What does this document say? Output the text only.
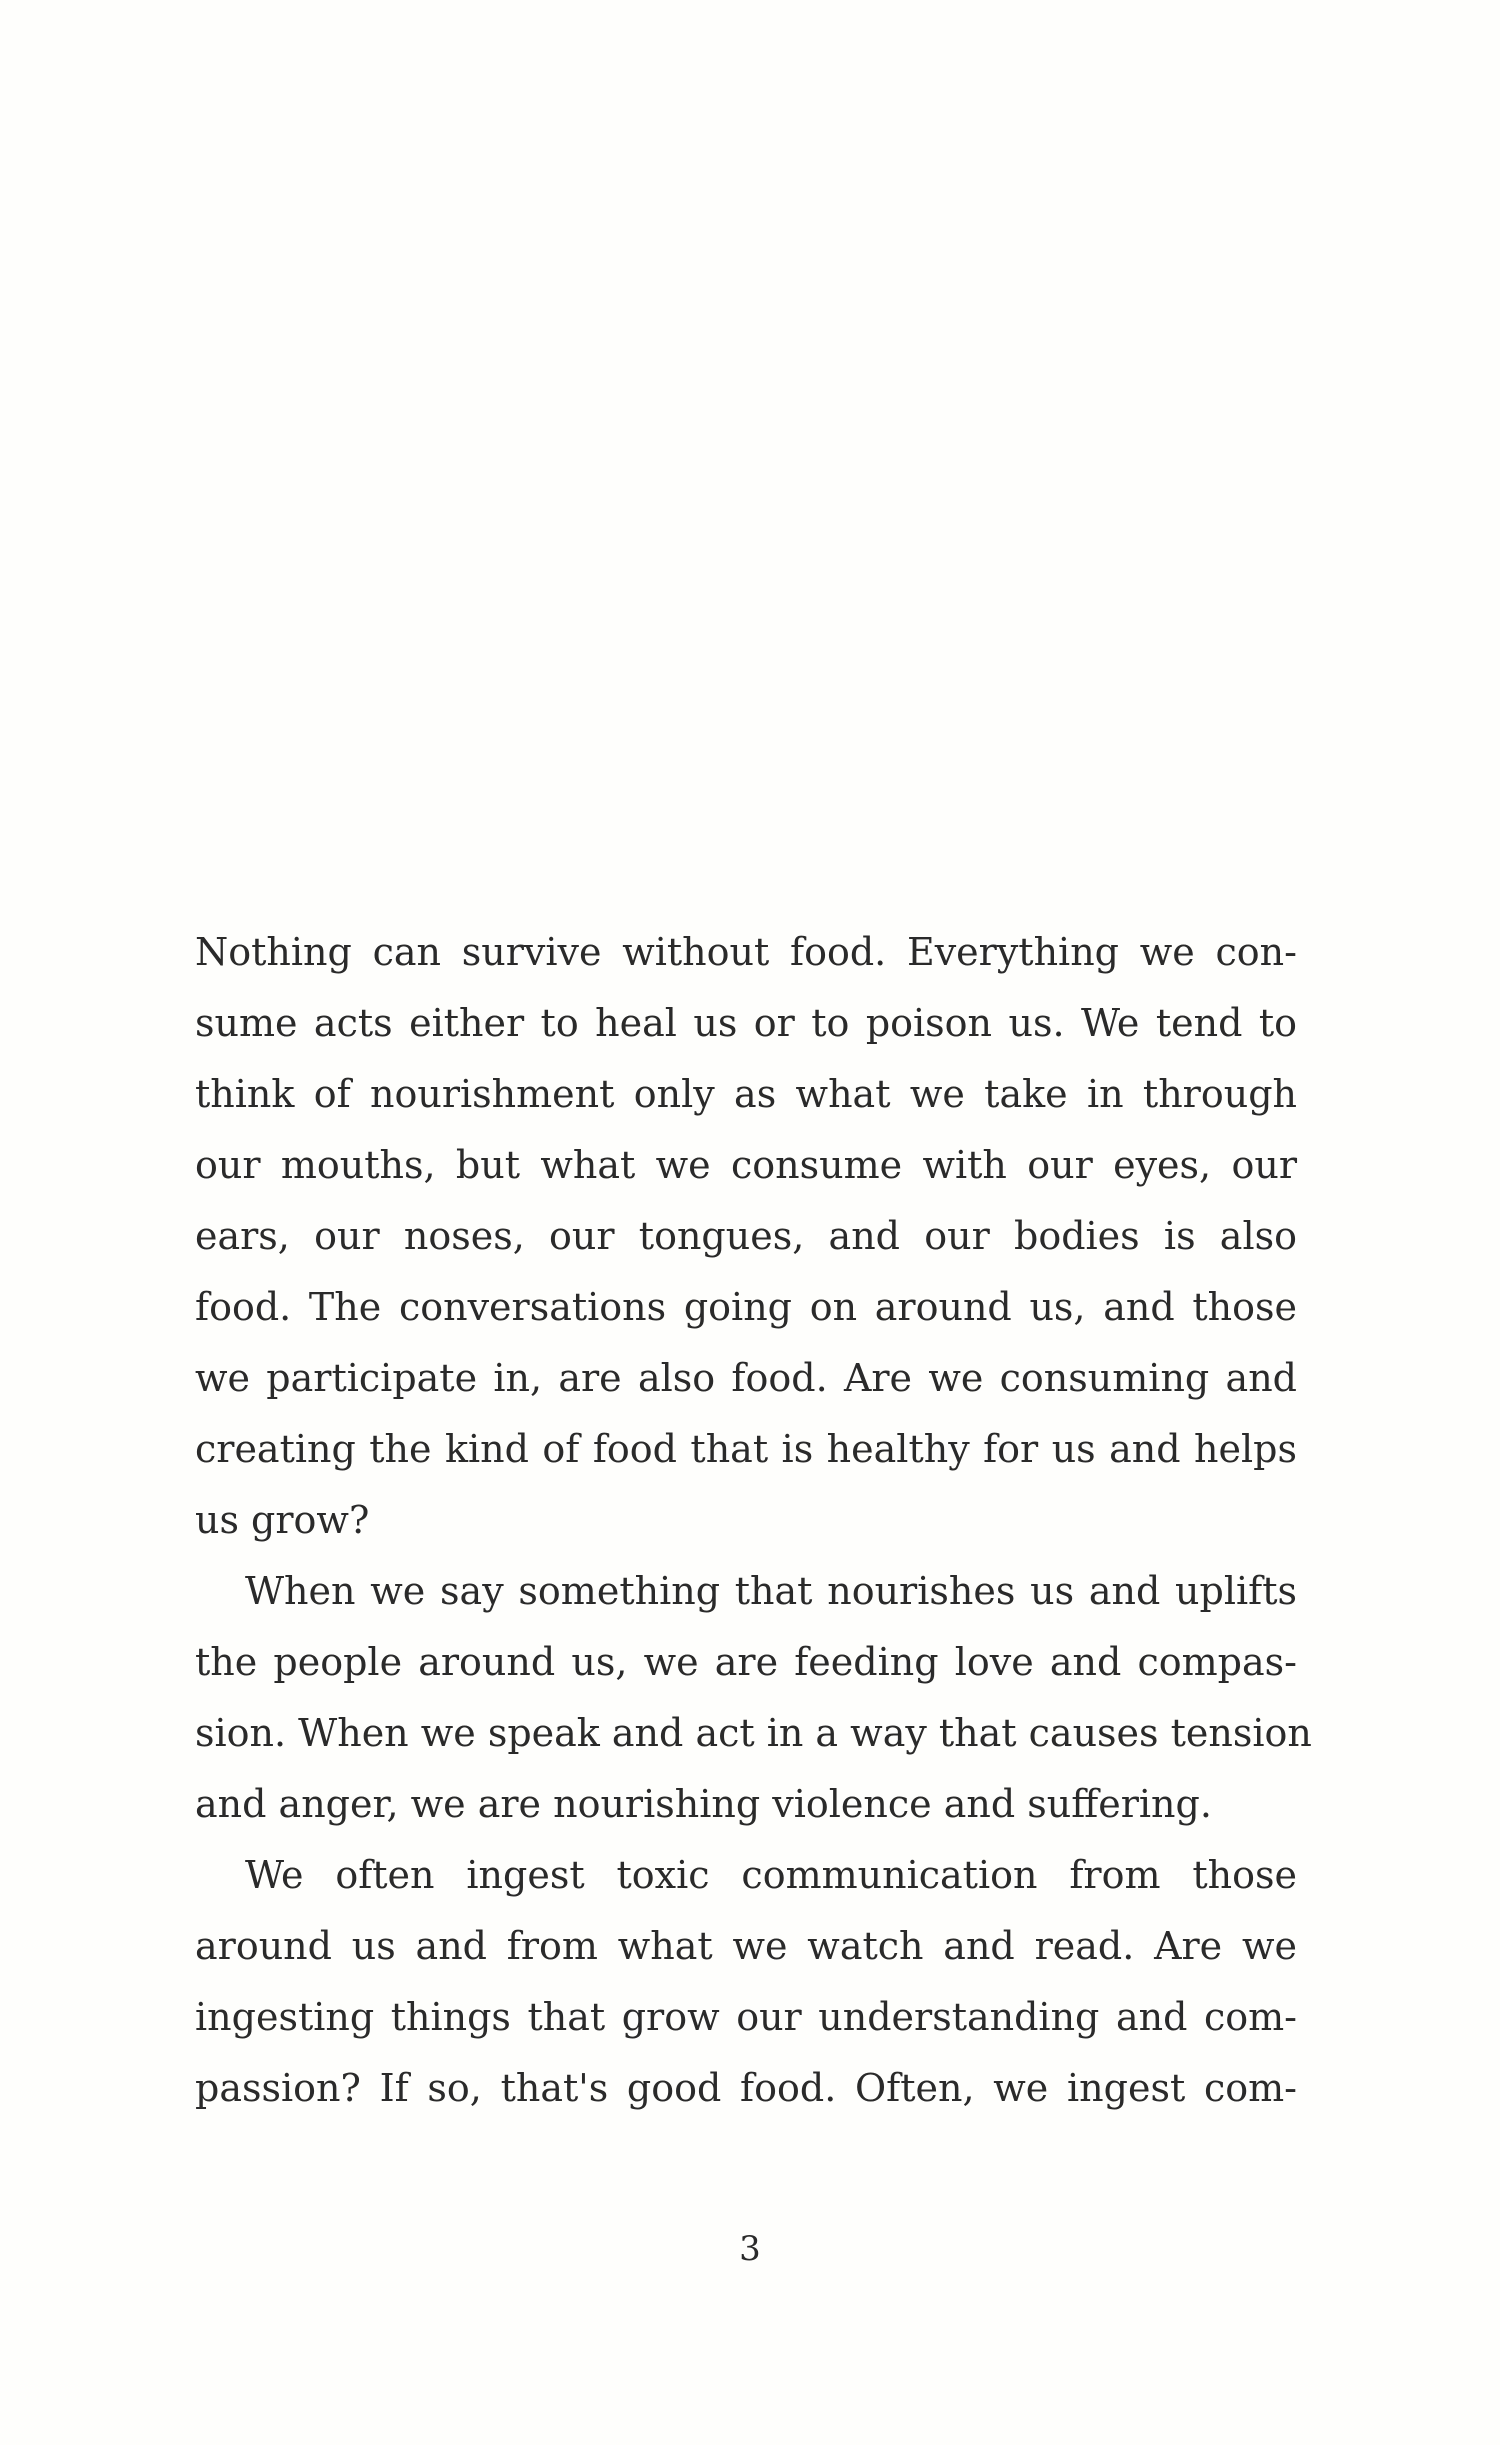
Nothing can survive without food. Everything we con-
sume acts either to heal us or to poison us. We tend to
think of nourishment only as what we take in through
our mouths, but what we consume with our eyes, our
ears, our noses, our tongues, and our bodies is also
food. The conversations going on around us, and those
we participate in, are also food. Are we consuming and
creating the kind of food that is healthy for us and helps
us grow?
When we say something that nourishes us and uplifts
the people around us, we are feeding love and compas-
sion. When we speak and act in a way that causes tension
and anger, we are nourishing violence and suffering.
We often ingest toxic communication from those
around us and from what we watch and read. Are we
ingesting things that grow our understanding and com-
passion? If so, that's good food. Often, we ingest com-
3
